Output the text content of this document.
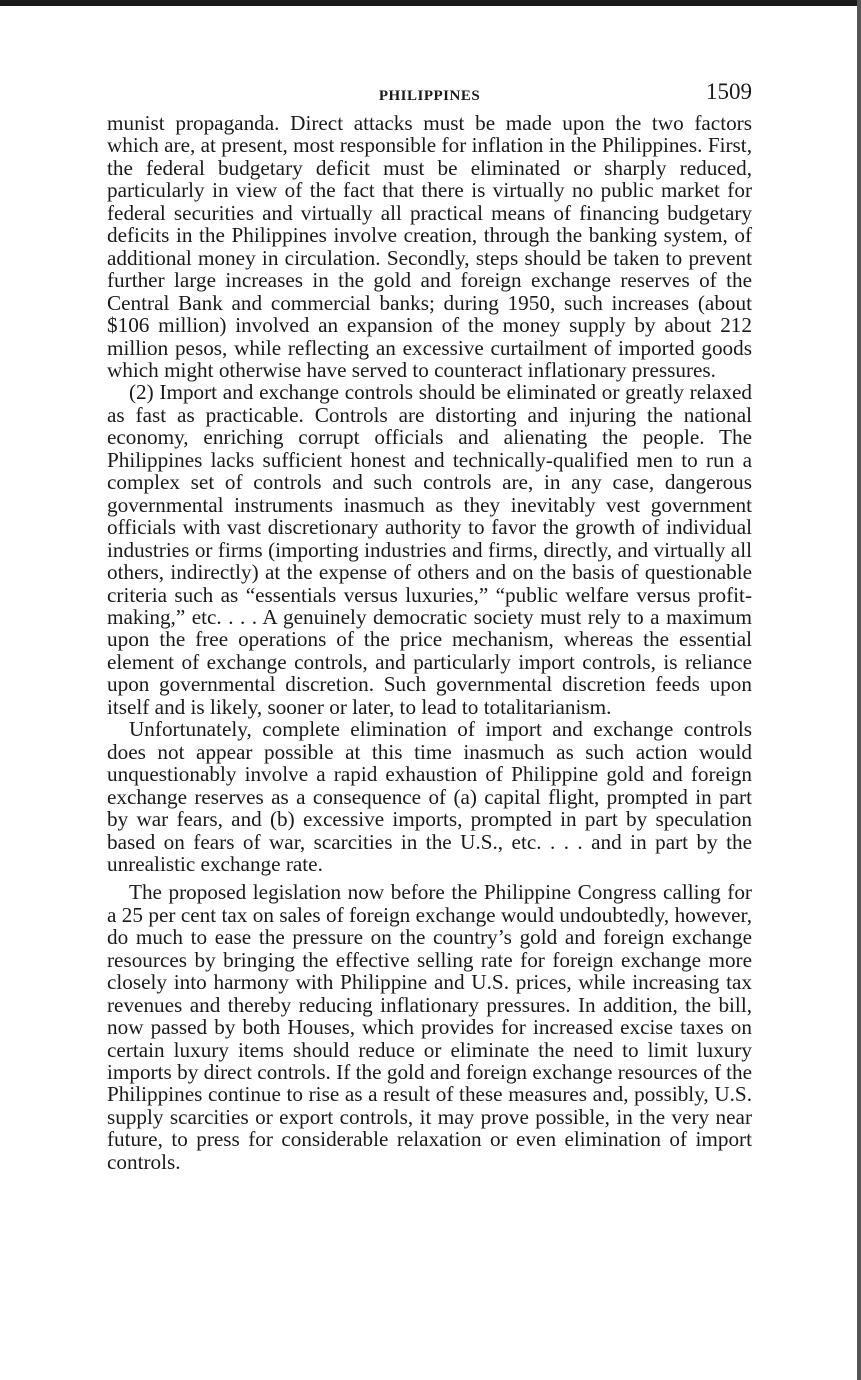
PHILIPPINES	1509

munist propaganda. Direct attacks must be made upon the two factors which are, at present, most responsible for inflation in the Philippines. First, the federal budgetary deficit must be eliminated or sharply reduced, particularly in view of the fact that there is virtually no public market for federal securities and virtually all practical means of financing budgetary deficits in the Philippines involve creation, through the banking system, of additional money in circulation. Secondly, steps should be taken to prevent further large increases in the gold and foreign exchange reserves of the Central Bank and commercial banks; during 1950, such increases (about $106 million) involved an expansion of the money supply by about 212 million pesos, while reflecting an excessive curtailment of imported goods which might otherwise have served to counteract inflationary pressures.

(2) Import and exchange controls should be eliminated or greatly relaxed as fast as practicable. Controls are distorting and injuring the national economy, enriching corrupt officials and alienating the people. The Philippines lacks sufficient honest and technically-qualified men to run a complex set of controls and such controls are, in any case, dangerous governmental instruments inasmuch as they inevitably vest government officials with vast discretionary authority to favor the growth of individual industries or firms (importing industries and firms, directly, and virtually all others, indirectly) at the expense of others and on the basis of questionable criteria such as “essentials versus luxuries,” “public welfare versus profit-making,” etc. . . . A genuinely democratic society must rely to a maximum upon the free operations of the price mechanism, whereas the essential element of exchange controls, and particularly import controls, is reliance upon governmental discretion. Such governmental discretion feeds upon itself and is likely, sooner or later, to lead to totalitarianism.

Unfortunately, complete elimination of import and exchange controls does not appear possible at this time inasmuch as such action would unquestionably involve a rapid exhaustion of Philippine gold and foreign exchange reserves as a consequence of (a) capital flight, prompted in part by war fears, and (b) excessive imports, prompted in part by speculation based on fears of war, scarcities in the U.S., etc. . . . and in part by the unrealistic exchange rate.

The proposed legislation now before the Philippine Congress calling for a 25 per cent tax on sales of foreign exchange would undoubtedly, however, do much to ease the pressure on the country’s gold and foreign exchange resources by bringing the effective selling rate for foreign exchange more closely into harmony with Philippine and U.S. prices, while increasing tax revenues and thereby reducing inflationary pressures. In addition, the bill, now passed by both Houses, which provides for increased excise taxes on certain luxury items should reduce or eliminate the need to limit luxury imports by direct controls. If the gold and foreign exchange resources of the Philippines continue to rise as a result of these measures and, possibly, U.S. supply scarcities or export controls, it may prove possible, in the very near future, to press for considerable relaxation or even elimination of import controls.
